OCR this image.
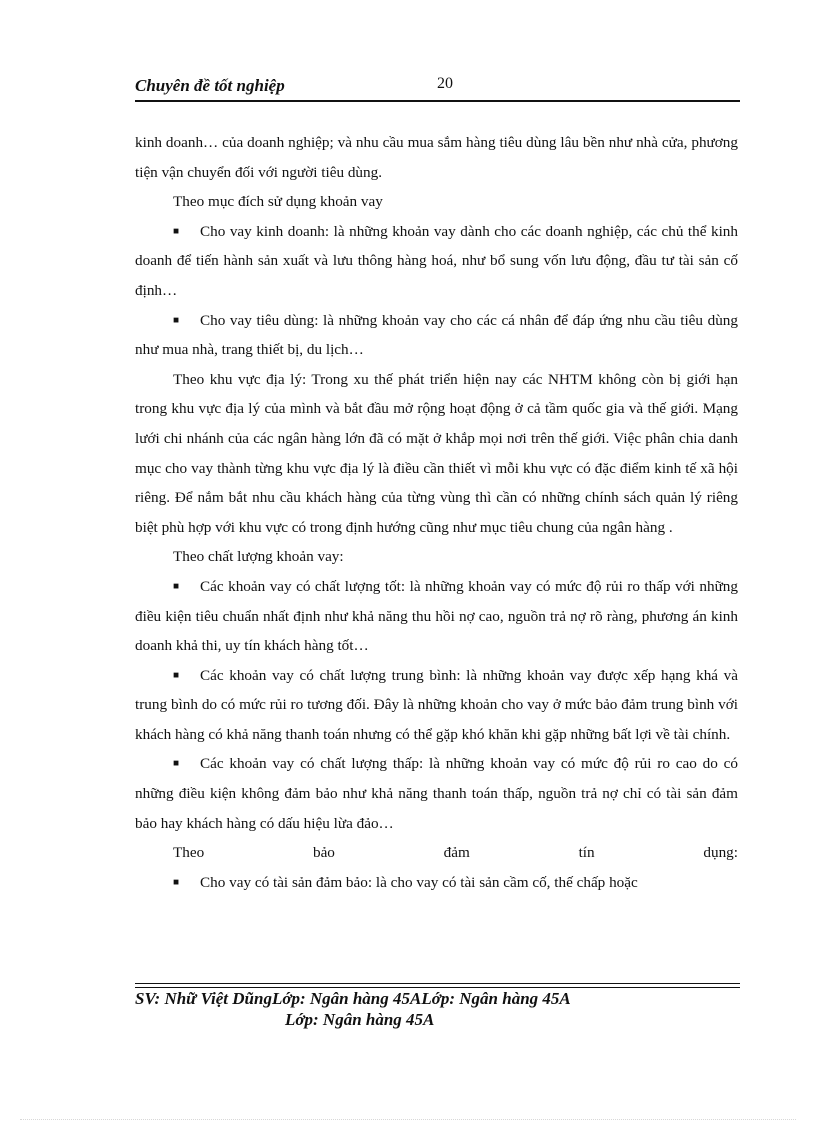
Chuyên đề tốt nghiệp	20

kinh doanh… của doanh nghiệp; và nhu cầu mua sắm hàng tiêu dùng lâu bền như nhà cửa, phương tiện vận chuyển đối với người tiêu dùng.

Theo mục đích sử dụng khoản vay

■ Cho vay kinh doanh: là những khoản vay dành cho các doanh nghiệp, các chủ thể kinh doanh để tiến hành sản xuất và lưu thông hàng hoá, như bổ sung vốn lưu động, đầu tư tài sản cố định…

■ Cho vay tiêu dùng: là những khoản vay cho các cá nhân để đáp ứng nhu cầu tiêu dùng như mua nhà, trang thiết bị, du lịch…

Theo khu vực địa lý: Trong xu thế phát triển hiện nay các NHTM không còn bị giới hạn trong khu vực địa lý của mình và bắt đầu mở rộng hoạt động ở cả tầm quốc gia và thế giới. Mạng lưới chi nhánh của các ngân hàng lớn đã có mặt ở khắp mọi nơi trên thế giới. Việc phân chia danh mục cho vay thành từng khu vực địa lý là điều cần thiết vì mỗi khu vực có đặc điểm kinh tế xã hội riêng. Để nắm bắt nhu cầu khách hàng của từng vùng thì cần có những chính sách quản lý riêng biệt phù hợp với khu vực có trong định hướng cũng như mục tiêu chung của ngân hàng .

Theo chất lượng khoản vay:

■ Các khoản vay có chất lượng tốt: là những khoản vay có mức độ rủi ro thấp với những điều kiện tiêu chuẩn nhất định như khả năng thu hồi nợ cao, nguồn trả nợ rõ ràng, phương án kinh doanh khả thi, uy tín khách hàng tốt…

■ Các khoản vay có chất lượng trung bình: là những khoản vay được xếp hạng khá và trung bình do có mức rủi ro tương đối. Đây là những khoản cho vay ở mức bảo đảm trung bình với khách hàng có khả năng thanh toán nhưng có thể gặp khó khăn khi gặp những bất lợi về tài chính.

■ Các khoản vay có chất lượng thấp: là những khoản vay có mức độ rủi ro cao do có những điều kiện không đảm bảo như khả năng thanh toán thấp, nguồn trả nợ chỉ có tài sản đảm bảo hay khách hàng có dấu hiệu lừa đảo…

Theo bảo đảm tín dụng:

■ Cho vay có tài sản đảm bảo: là cho vay có tài sản cầm cố, thế chấp hoặc

SV: Nhữ Việt DũngLớp: Ngân hàng 45ALớp: Ngân hàng 45A
Lớp: Ngân hàng 45A
